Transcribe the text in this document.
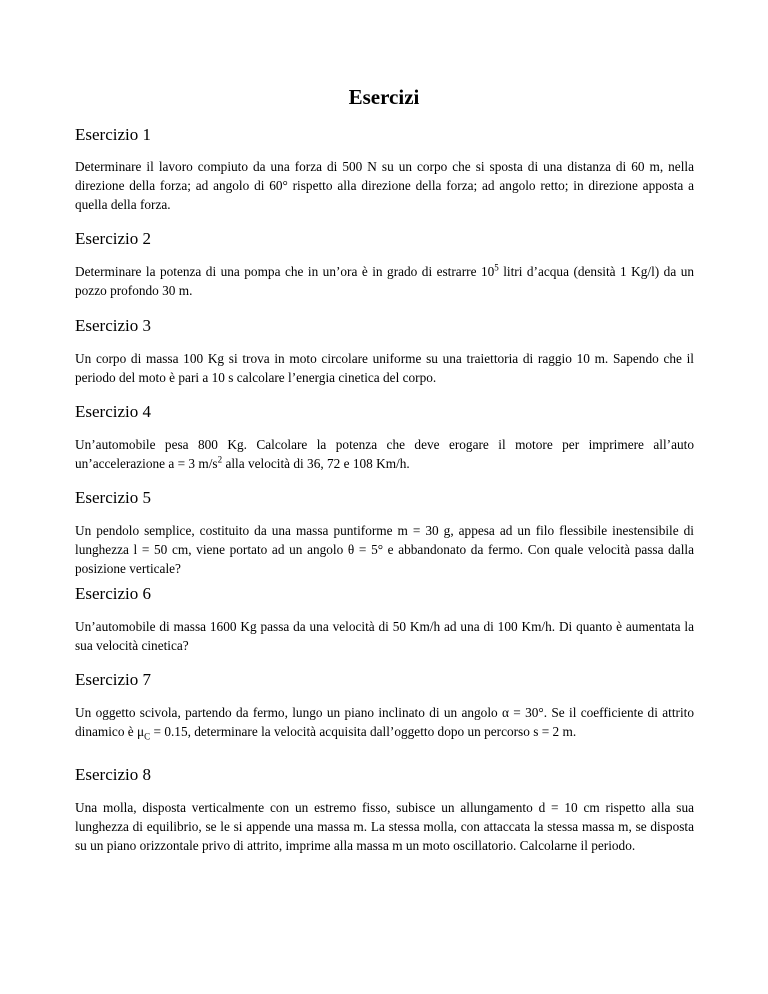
Esercizi
Esercizio 1
Determinare il lavoro compiuto da una forza di 500 N su un corpo che si sposta di una distanza di 60 m, nella direzione della forza; ad angolo di 60° rispetto alla direzione della forza; ad angolo retto; in direzione apposta a quella della forza.
Esercizio 2
Determinare la potenza di una pompa che in un’ora è in grado di estrarre $10^5$ litri d’acqua (densità 1 Kg/l) da un pozzo profondo 30 m.
Esercizio 3
Un corpo di massa 100 Kg si trova in moto circolare uniforme su una traiettoria di raggio 10 m. Sapendo che il periodo del moto è pari a 10 s calcolare l’energia cinetica del corpo.
Esercizio 4
Un’automobile pesa 800 Kg. Calcolare la potenza che deve erogare il motore per imprimere all’auto un’accelerazione a = 3 $m/s^2$ alla velocità di 36, 72 e 108 Km/h.
Esercizio 5
Un pendolo semplice, costituito da una massa puntiforme m = 30 g, appesa ad un filo flessibile inestensibile di lunghezza l = 50 cm, viene portato ad un angolo θ = 5° e abbandonato da fermo. Con quale velocità passa dalla posizione verticale?
Esercizio 6
Un’automobile di massa 1600 Kg passa da una velocità di 50 Km/h ad una di 100 Km/h. Di quanto è aumentata la sua velocità cinetica?
Esercizio 7
Un oggetto scivola, partendo da fermo, lungo un piano inclinato di un angolo α = 30°. Se il coefficiente di attrito dinamico è $\mu_C = 0.15$, determinare la velocità acquisita dall’oggetto dopo un percorso s = 2 m.
Esercizio 8
Una molla, disposta verticalmente con un estremo fisso, subisce un allungamento d = 10 cm rispetto alla sua lunghezza di equilibrio, se le si appende una massa m. La stessa molla, con attaccata la stessa massa m, se disposta su un piano orizzontale privo di attrito, imprime alla massa m un moto oscillatorio. Calcolarne il periodo.
